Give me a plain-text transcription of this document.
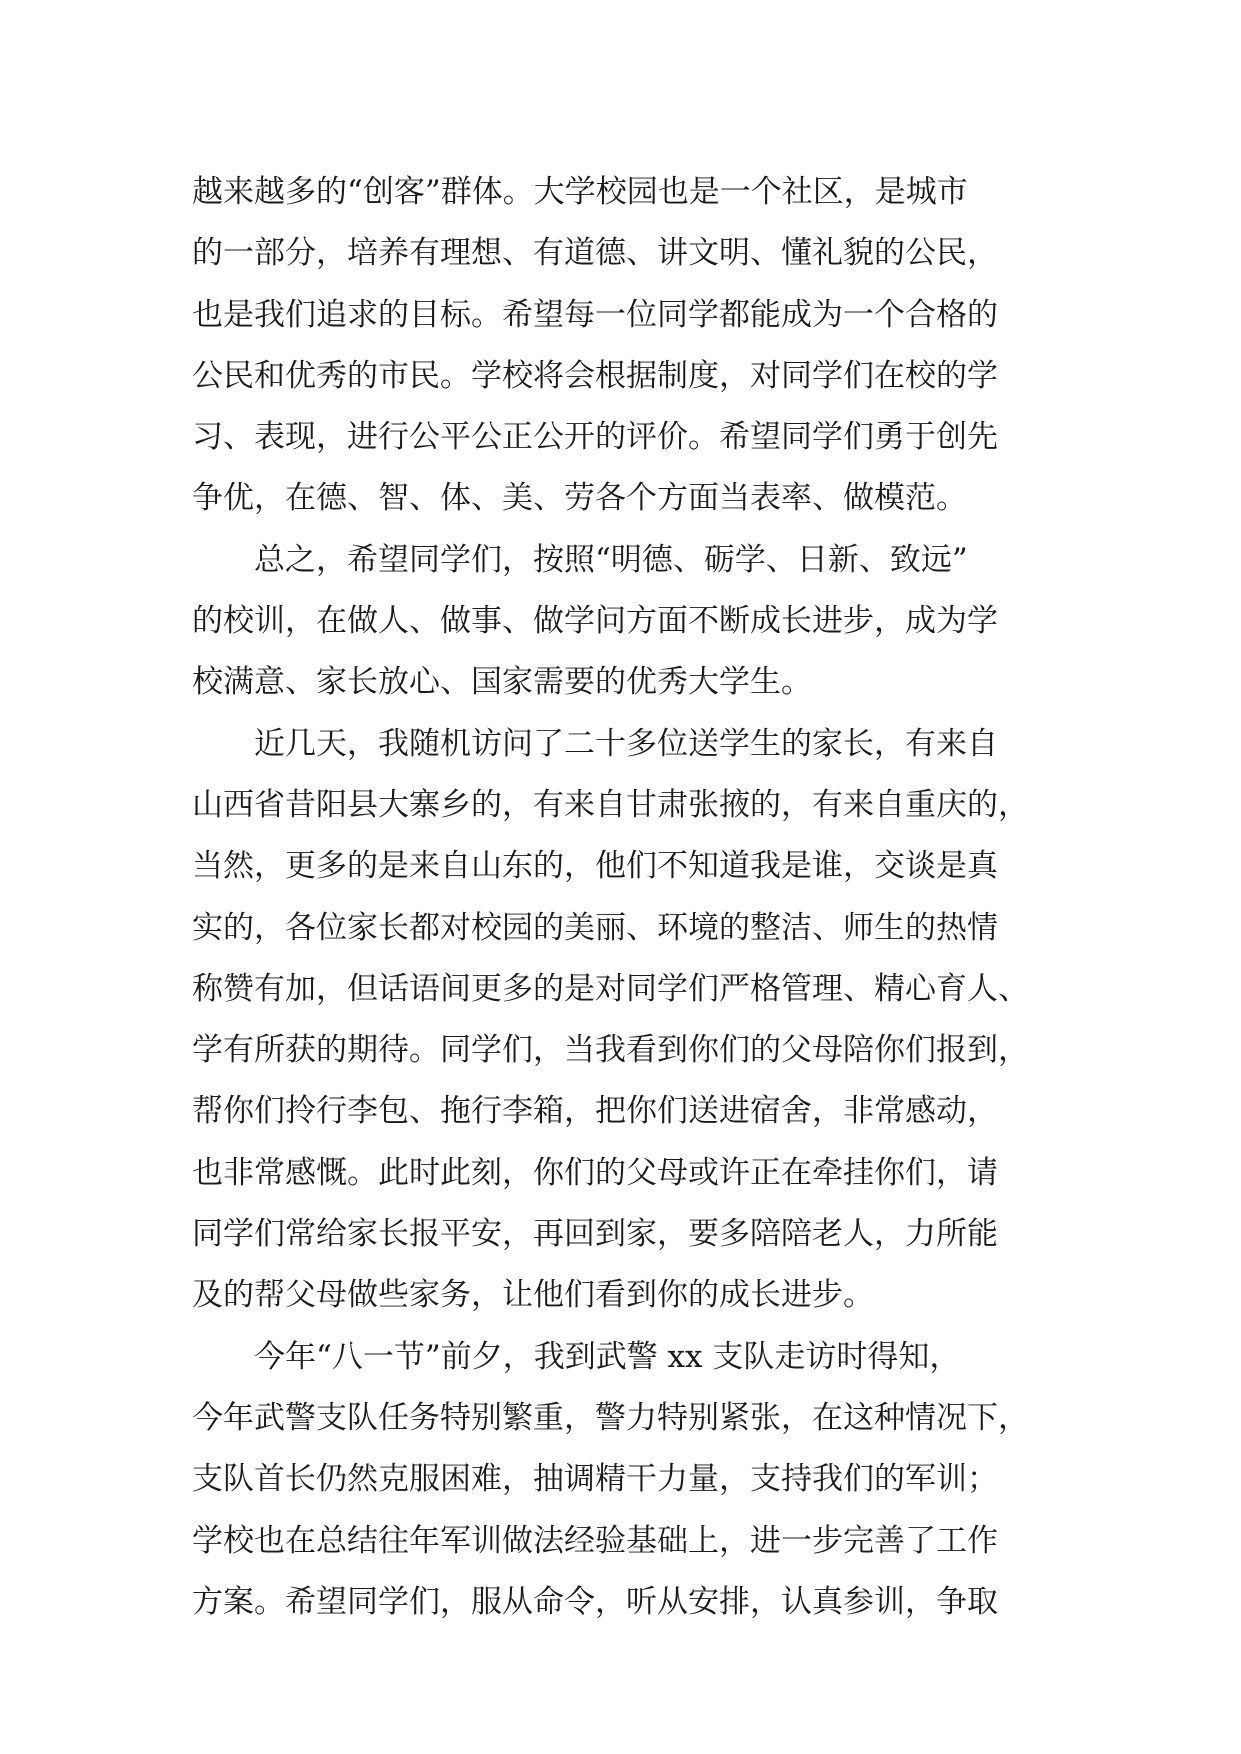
越来越多的“创客”群体。大学校园也是一个社区，是城市
的一部分，培养有理想、有道德、讲文明、懂礼貌的公民，
也是我们追求的目标。希望每一位同学都能成为一个合格的
公民和优秀的市民。学校将会根据制度，对同学们在校的学
习、表现，进行公平公正公开的评价。希望同学们勇于创先
争优，在德、智、体、美、劳各个方面当表率、做模范。
　　总之，希望同学们，按照“明德、砺学、日新、致远”
的校训，在做人、做事、做学问方面不断成长进步，成为学
校满意、家长放心、国家需要的优秀大学生。
　　近几天，我随机访问了二十多位送学生的家长，有来自
山西省昔阳县大寨乡的，有来自甘肃张掖的，有来自重庆的，
当然，更多的是来自山东的，他们不知道我是谁，交谈是真
实的，各位家长都对校园的美丽、环境的整洁、师生的热情
称赞有加，但话语间更多的是对同学们严格管理、精心育人、
学有所获的期待。同学们，当我看到你们的父母陪你们报到，
帮你们拎行李包、拖行李箱，把你们送进宿舍，非常感动，
也非常感慨。此时此刻，你们的父母或许正在牵挂你们，请
同学们常给家长报平安，再回到家，要多陪陪老人，力所能
及的帮父母做些家务，让他们看到你的成长进步。
　　今年“八一节”前夕，我到武警 xx 支队走访时得知，
今年武警支队任务特别繁重，警力特别紧张，在这种情况下，
支队首长仍然克服困难，抽调精干力量，支持我们的军训；
学校也在总结往年军训做法经验基础上，进一步完善了工作
方案。希望同学们，服从命令，听从安排，认真参训，争取
